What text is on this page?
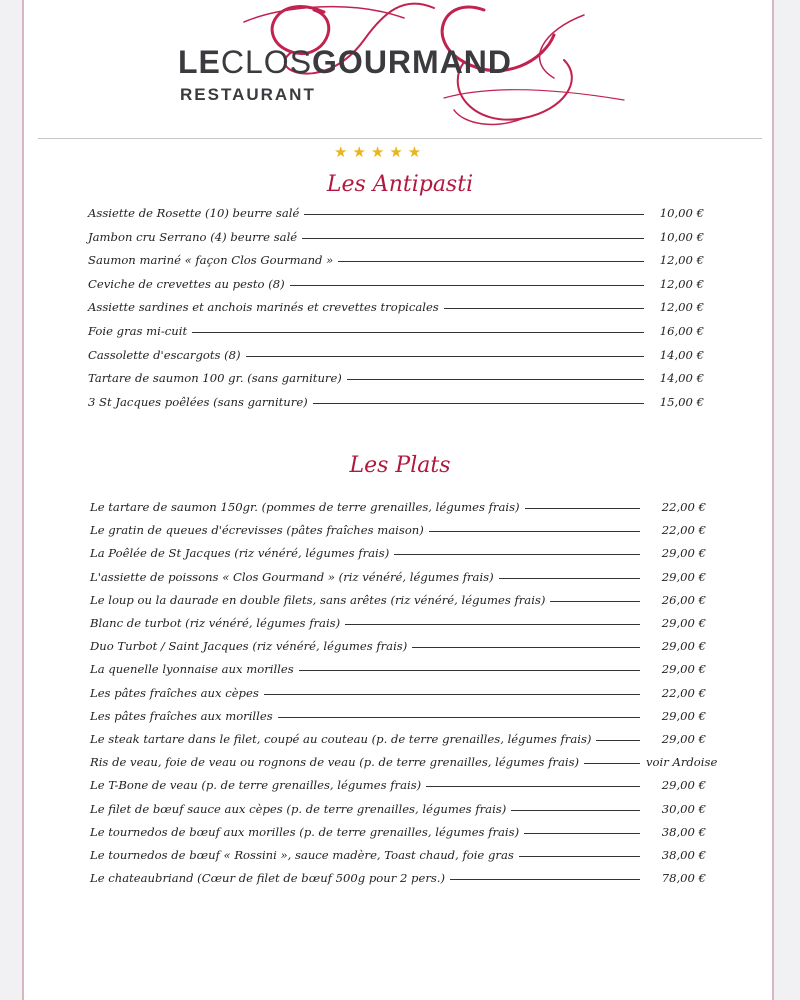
LECLOSGOURMAND
RESTAURANT
★★★★★
Les Antipasti
Assiette de Rosette (10) beurre salé	10,00 €
Jambon cru Serrano (4) beurre salé	10,00 €
Saumon mariné « façon Clos Gourmand »	12,00 €
Ceviche de crevettes au pesto (8)	12,00 €
Assiette sardines et anchois marinés et crevettes tropicales	12,00 €
Foie gras mi-cuit	16,00 €
Cassolette d'escargots (8)	14,00 €
Tartare de saumon 100 gr. (sans garniture)	14,00 €
3 St Jacques poêlées (sans garniture)	15,00 €
Les Plats
Le tartare de saumon 150gr. (pommes de terre grenailles, légumes frais)	22,00 €
Le gratin de queues d'écrevisses (pâtes fraîches maison)	22,00 €
La Poêlée de St Jacques (riz vénéré, légumes frais)	29,00 €
L'assiette de poissons « Clos Gourmand » (riz vénéré, légumes frais)	29,00 €
Le loup ou la daurade en double filets, sans arêtes (riz vénéré, légumes frais)	26,00 €
Blanc de turbot (riz vénéré, légumes frais)	29,00 €
Duo Turbot / Saint Jacques (riz vénéré, légumes frais)	29,00 €
La quenelle lyonnaise aux morilles	29,00 €
Les pâtes fraîches aux cèpes	22,00 €
Les pâtes fraîches aux morilles	29,00 €
Le steak tartare dans le filet, coupé au couteau (p. de terre grenailles, légumes frais)	29,00 €
Ris de veau, foie de veau ou rognons de veau (p. de terre grenailles, légumes frais)	voir Ardoise
Le T-Bone de veau (p. de terre grenailles, légumes frais)	29,00 €
Le filet de bœuf sauce aux cèpes (p. de terre grenailles, légumes frais)	30,00 €
Le tournedos de bœuf aux morilles (p. de terre grenailles, légumes frais)	38,00 €
Le tournedos de bœuf « Rossini », sauce madère, Toast chaud, foie gras	38,00 €
Le chateaubriand (Cœur de filet de bœuf 500g pour 2 pers.)	78,00 €
